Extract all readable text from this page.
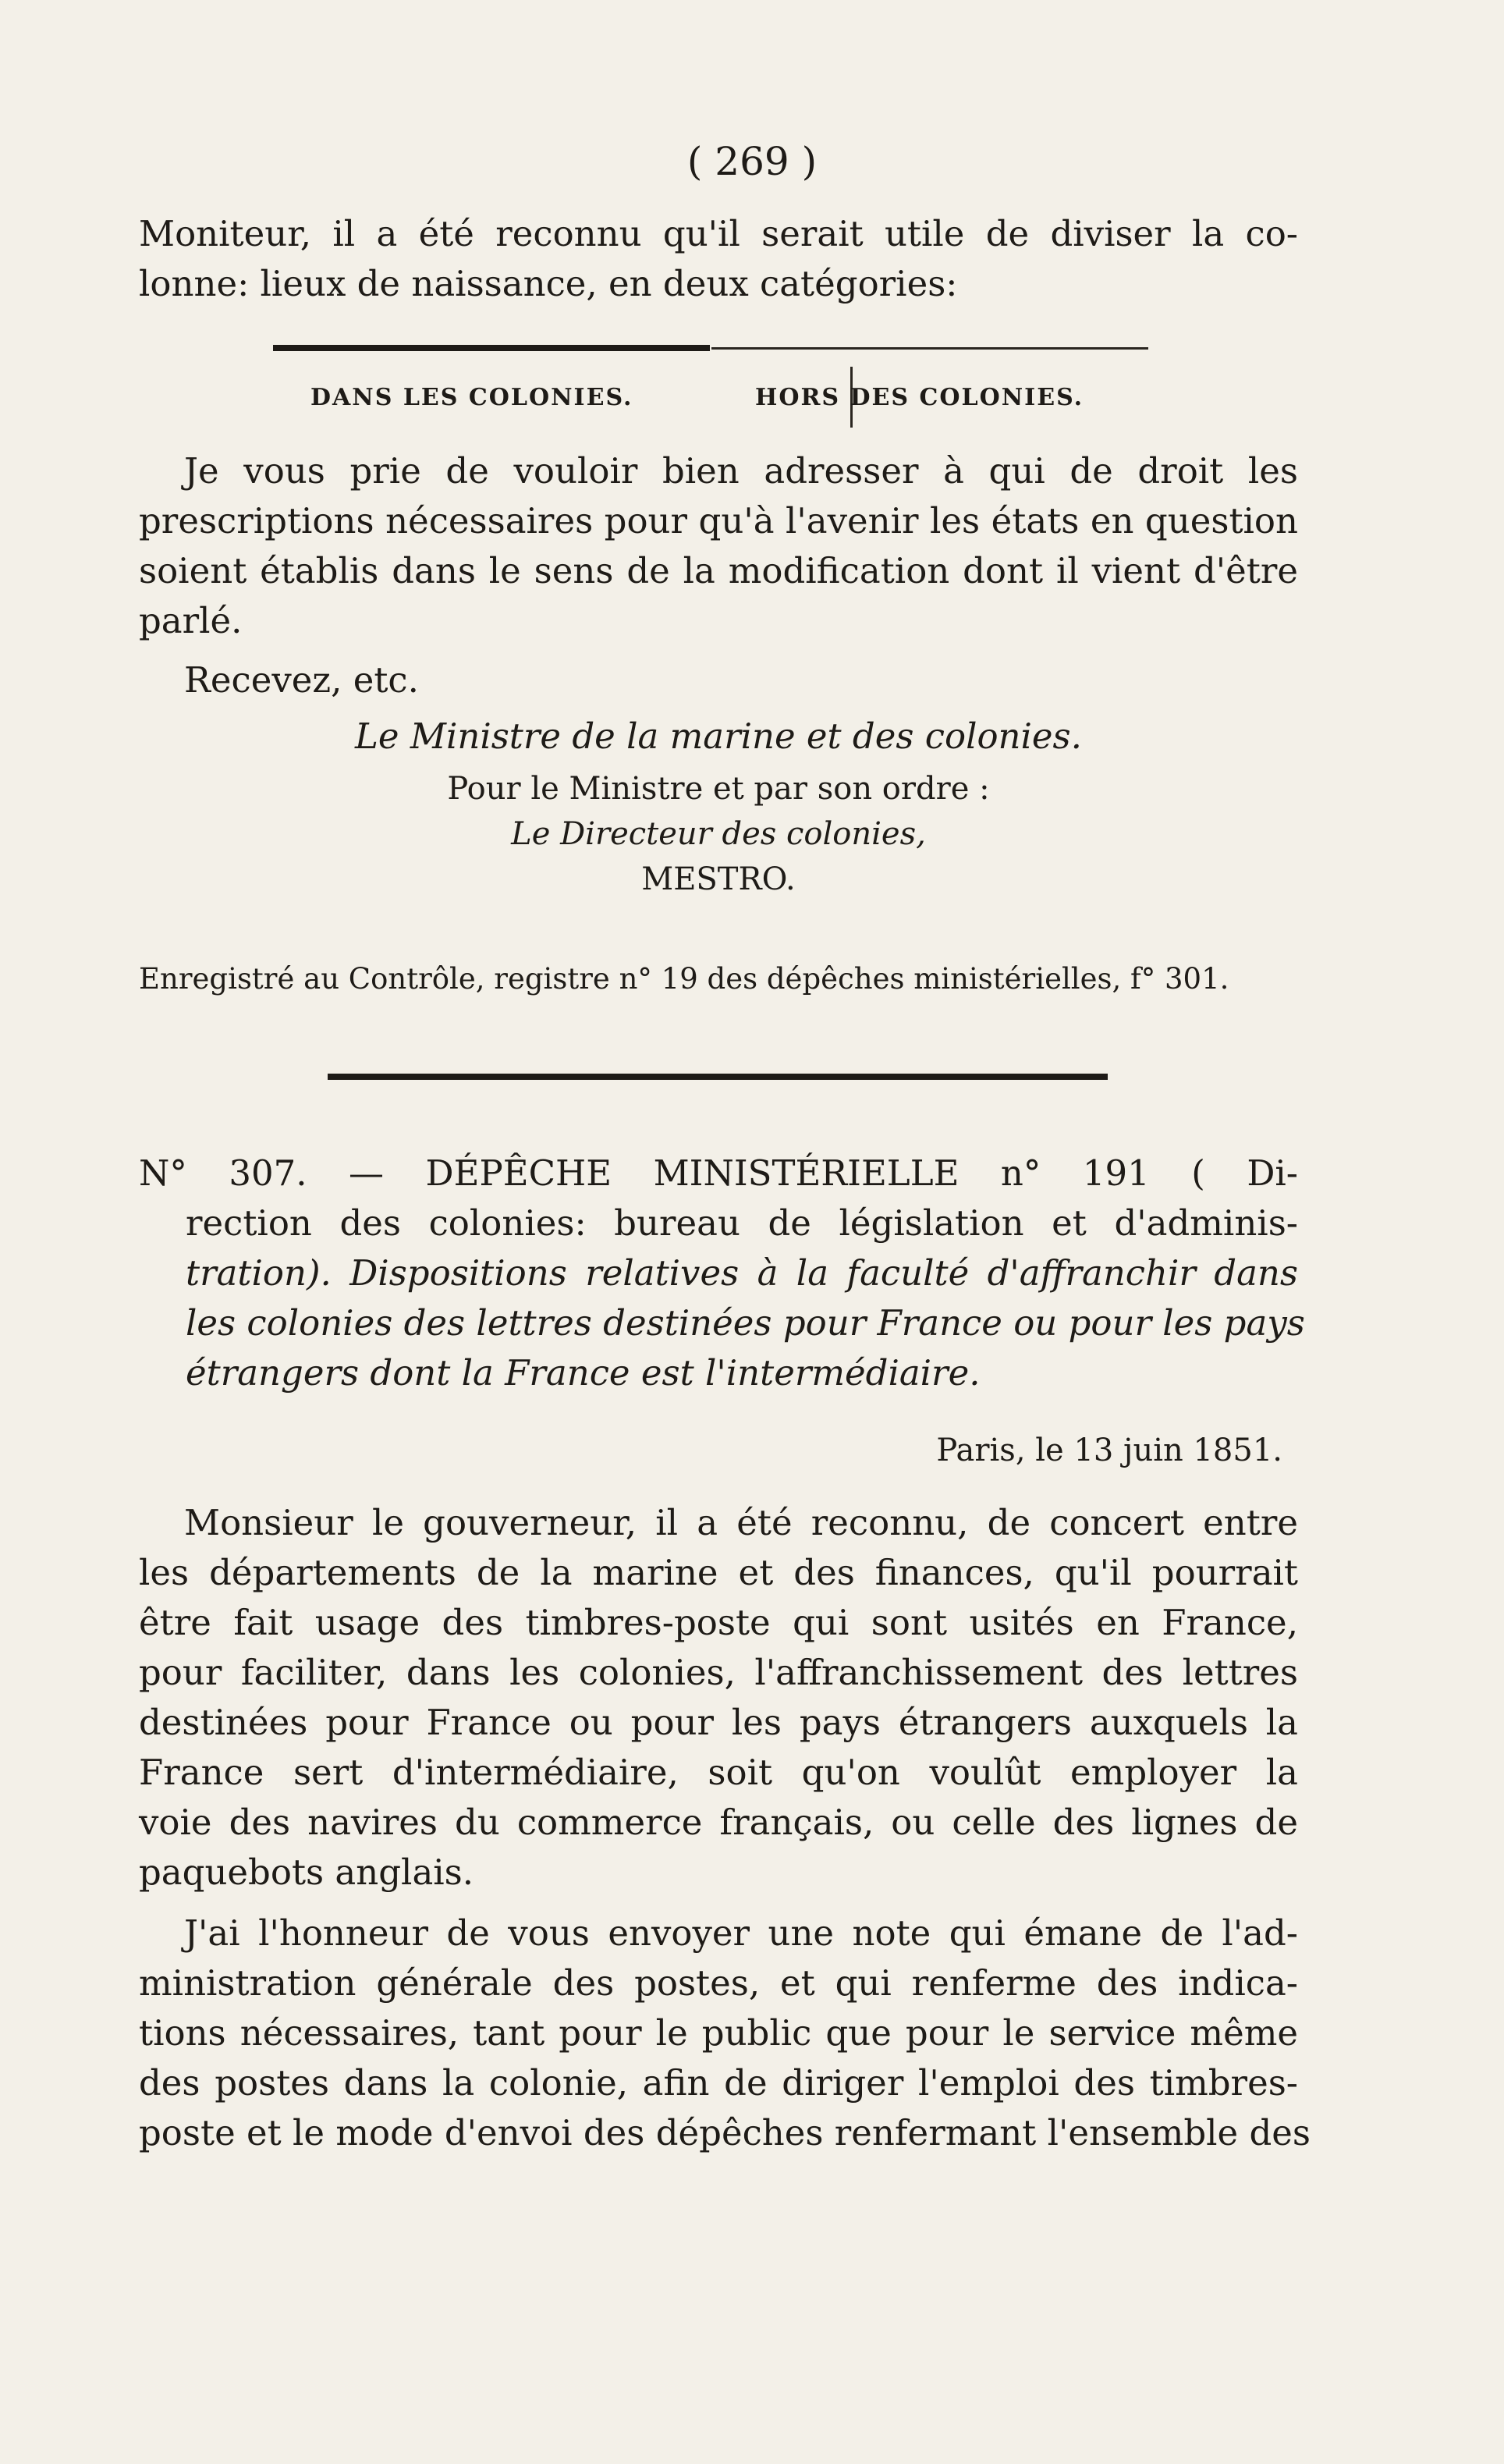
( 269 )
Moniteur, il a été reconnu qu'il serait utile de diviser la co-
lonne: lieux de naissance, en deux catégories:
DANS LES COLONIES.	HORS DES COLONIES.
Je vous prie de vouloir bien adresser à qui de droit les
prescriptions nécessaires pour qu'à l'avenir les états en question
soient établis dans le sens de la modification dont il vient d'être
parlé.
Recevez, etc.
Le Ministre de la marine et des colonies.
Pour le Ministre et par son ordre :
Le Directeur des colonies,
MESTRO.
Enregistré au Contrôle, registre n° 19 des dépêches ministérielles, f° 301.
N° 307. — DÉPÊCHE MINISTÉRIELLE n° 191 ( Di-
rection des colonies: bureau de législation et d'adminis-
tration). Dispositions relatives à la faculté d'affranchir dans
les colonies des lettres destinées pour France ou pour les pays
étrangers dont la France est l'intermédiaire.
Paris, le 13 juin 1851.
Monsieur le gouverneur, il a été reconnu, de concert entre
les départements de la marine et des finances, qu'il pourrait
être fait usage des timbres-poste qui sont usités en France,
pour faciliter, dans les colonies, l'affranchissement des lettres
destinées pour France ou pour les pays étrangers auxquels la
France sert d'intermédiaire, soit qu'on voulût employer la
voie des navires du commerce français, ou celle des lignes de
paquebots anglais.
J'ai l'honneur de vous envoyer une note qui émane de l'ad-
ministration générale des postes, et qui renferme des indica-
tions nécessaires, tant pour le public que pour le service même
des postes dans la colonie, afin de diriger l'emploi des timbres-
poste et le mode d'envoi des dépêches renfermant l'ensemble des
